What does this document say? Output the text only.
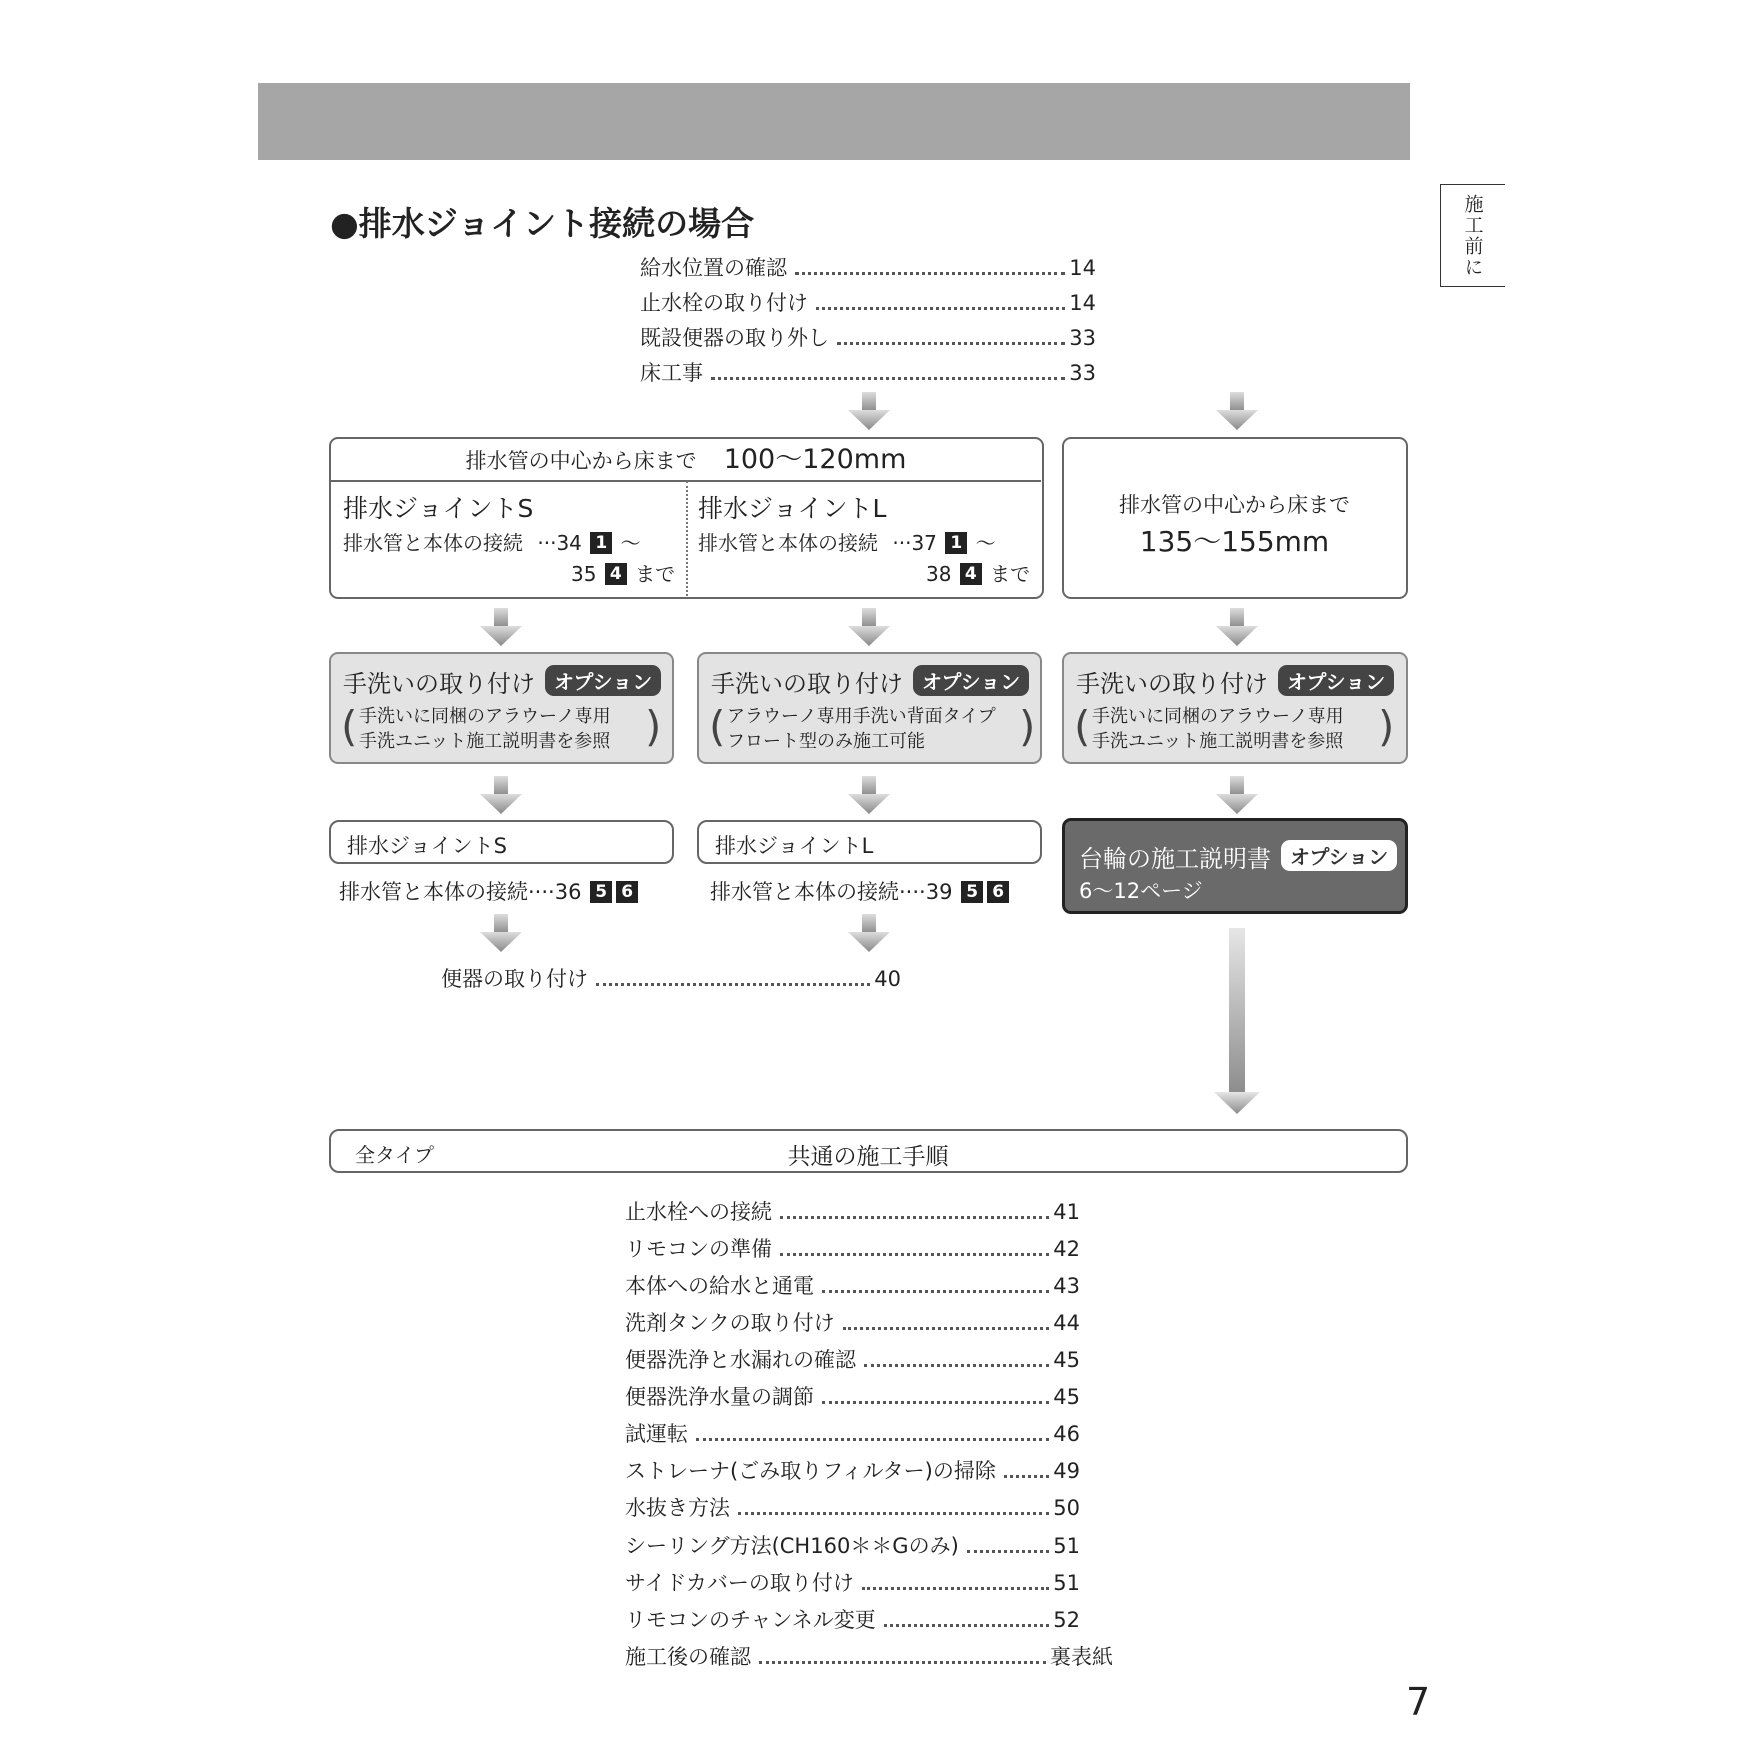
施工前に
●排水ジョイント接続の場合
給水位置の確認	14
止水栓の取り付け	14
既設便器の取り外し	33
床工事	33
排水管の中心から床まで 100〜120mm
排水ジョイントS
排水管と本体の接続 ···34 1 〜
35 4 まで
排水ジョイントL
排水管と本体の接続 ···37 1 〜
38 4 まで
排水管の中心から床まで
135〜155mm
手洗いの取り付け オプション
( 手洗いに同梱のアラウーノ専用
手洗ユニット施工説明書を参照 )
手洗いの取り付け オプション
( アラウーノ専用手洗い背面タイプ
フロート型のみ施工可能	)
手洗いの取り付け オプション
( 手洗いに同梱のアラウーノ専用
手洗ユニット施工説明書を参照 )
排水ジョイントS
排水管と本体の接続····36 5 6
排水ジョイントL
排水管と本体の接続····39 5 6
台輪の施工説明書 オプション
6〜12ページ
便器の取り付け	40
全タイプ	共通の施工手順
止水栓への接続	41
リモコンの準備	42
本体への給水と通電	43
洗剤タンクの取り付け	44
便器洗浄と水漏れの確認	45
便器洗浄水量の調節	45
試運転	46
ストレーナ(ごみ取りフィルター)の掃除	49
水抜き方法	50
シーリング方法(CH160＊＊Gのみ)	51
サイドカバーの取り付け	51
リモコンのチャンネル変更	52
施工後の確認	裏表紙
7
